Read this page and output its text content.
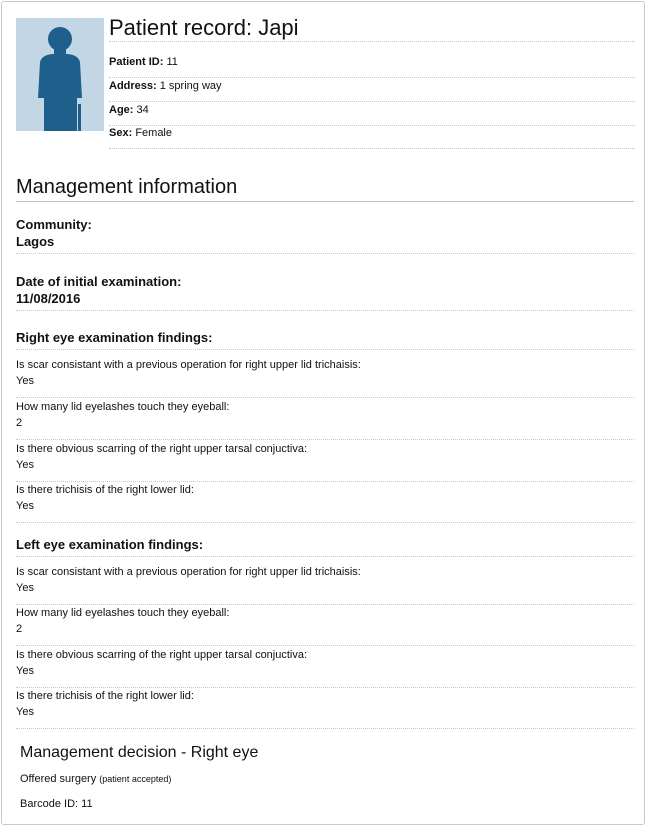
Patient record: Japi
Patient ID: 11
Address: 1 spring way
Age: 34
Sex: Female
Management information
Community:
Lagos
Date of initial examination:
11/08/2016
Right eye examination findings:
Is scar consistant with a previous operation for right upper lid trichaisis:
Yes
How many lid eyelashes touch they eyeball:
2
Is there obvious scarring of the right upper tarsal conjuctiva:
Yes
Is there trichisis of the right lower lid:
Yes
Left eye examination findings:
Is scar consistant with a previous operation for right upper lid trichaisis:
Yes
How many lid eyelashes touch they eyeball:
2
Is there obvious scarring of the right upper tarsal conjuctiva:
Yes
Is there trichisis of the right lower lid:
Yes
Management decision - Right eye
Offered surgery (patient accepted)
Barcode ID: 11
